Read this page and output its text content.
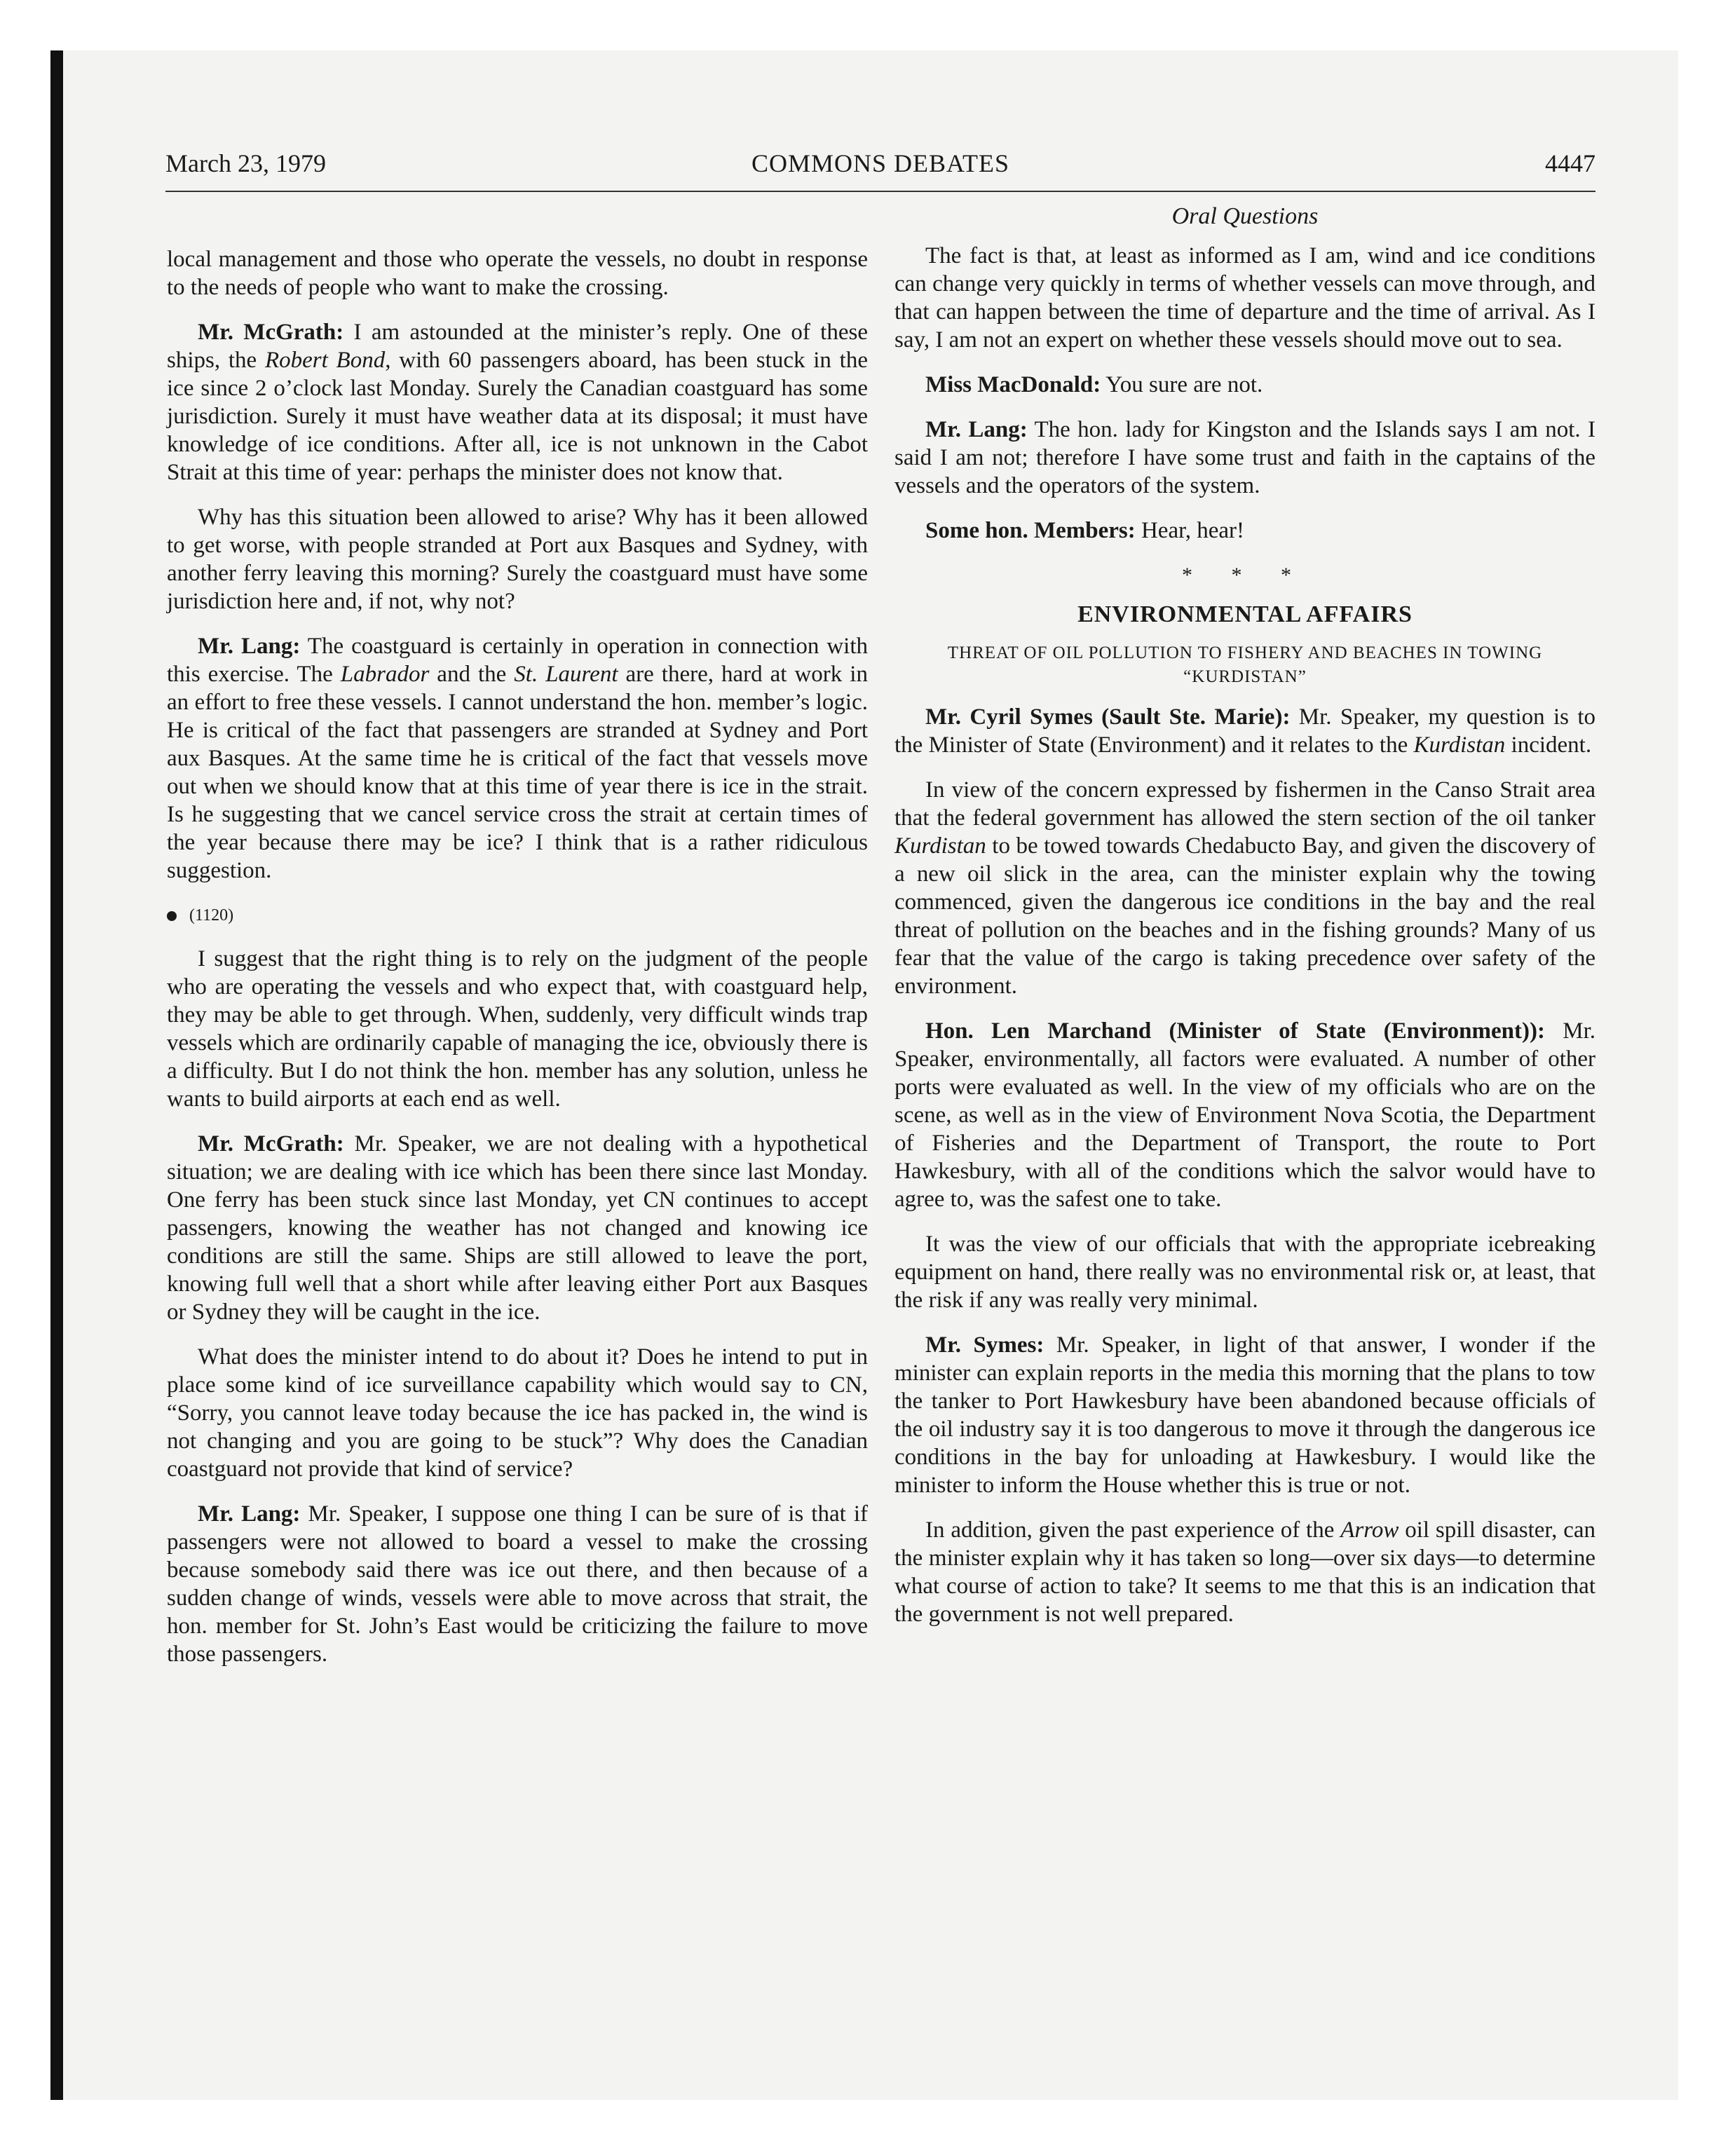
March 23, 1979	COMMONS DEBATES	4447
Oral Questions

local management and those who operate the vessels, no doubt in response to the needs of people who want to make the crossing.

Mr. McGrath: I am astounded at the minister’s reply. One of these ships, the Robert Bond, with 60 passengers aboard, has been stuck in the ice since 2 o’clock last Monday. Surely the Canadian coastguard has some jurisdiction. Surely it must have weather data at its disposal; it must have knowledge of ice conditions. After all, ice is not unknown in the Cabot Strait at this time of year: perhaps the minister does not know that.

Why has this situation been allowed to arise? Why has it been allowed to get worse, with people stranded at Port aux Basques and Sydney, with another ferry leaving this morning? Surely the coastguard must have some jurisdiction here and, if not, why not?

Mr. Lang: The coastguard is certainly in operation in connection with this exercise. The Labrador and the St. Laurent are there, hard at work in an effort to free these vessels. I cannot understand the hon. member’s logic. He is critical of the fact that passengers are stranded at Sydney and Port aux Basques. At the same time he is critical of the fact that vessels move out when we should know that at this time of year there is ice in the strait. Is he suggesting that we cancel service cross the strait at certain times of the year because there may be ice? I think that is a rather ridiculous suggestion.

(1120)

I suggest that the right thing is to rely on the judgment of the people who are operating the vessels and who expect that, with coastguard help, they may be able to get through. When, suddenly, very difficult winds trap vessels which are ordinarily capable of managing the ice, obviously there is a difficulty. But I do not think the hon. member has any solution, unless he wants to build airports at each end as well.

Mr. McGrath: Mr. Speaker, we are not dealing with a hypothetical situation; we are dealing with ice which has been there since last Monday. One ferry has been stuck since last Monday, yet CN continues to accept passengers, knowing the weather has not changed and knowing ice conditions are still the same. Ships are still allowed to leave the port, knowing full well that a short while after leaving either Port aux Basques or Sydney they will be caught in the ice.

What does the minister intend to do about it? Does he intend to put in place some kind of ice surveillance capability which would say to CN, “Sorry, you cannot leave today because the ice has packed in, the wind is not changing and you are going to be stuck”? Why does the Canadian coastguard not provide that kind of service?

Mr. Lang: Mr. Speaker, I suppose one thing I can be sure of is that if passengers were not allowed to board a vessel to make the crossing because somebody said there was ice out there, and then because of a sudden change of winds, vessels were able to move across that strait, the hon. member for St. John’s East would be criticizing the failure to move those passengers.

The fact is that, at least as informed as I am, wind and ice conditions can change very quickly in terms of whether vessels can move through, and that can happen between the time of departure and the time of arrival. As I say, I am not an expert on whether these vessels should move out to sea.

Miss MacDonald: You sure are not.

Mr. Lang: The hon. lady for Kingston and the Islands says I am not. I said I am not; therefore I have some trust and faith in the captains of the vessels and the operators of the system.

Some hon. Members: Hear, hear!

* * *
ENVIRONMENTAL AFFAIRS
THREAT OF OIL POLLUTION TO FISHERY AND BEACHES IN TOWING “KURDISTAN”

Mr. Cyril Symes (Sault Ste. Marie): Mr. Speaker, my question is to the Minister of State (Environment) and it relates to the Kurdistan incident.

In view of the concern expressed by fishermen in the Canso Strait area that the federal government has allowed the stern section of the oil tanker Kurdistan to be towed towards Chedabucto Bay, and given the discovery of a new oil slick in the area, can the minister explain why the towing commenced, given the dangerous ice conditions in the bay and the real threat of pollution on the beaches and in the fishing grounds? Many of us fear that the value of the cargo is taking precedence over safety of the environment.

Hon. Len Marchand (Minister of State (Environment)): Mr. Speaker, environmentally, all factors were evaluated. A number of other ports were evaluated as well. In the view of my officials who are on the scene, as well as in the view of Environment Nova Scotia, the Department of Fisheries and the Department of Transport, the route to Port Hawkesbury, with all of the conditions which the salvor would have to agree to, was the safest one to take.

It was the view of our officials that with the appropriate icebreaking equipment on hand, there really was no environmental risk or, at least, that the risk if any was really very minimal.

Mr. Symes: Mr. Speaker, in light of that answer, I wonder if the minister can explain reports in the media this morning that the plans to tow the tanker to Port Hawkesbury have been abandoned because officials of the oil industry say it is too dangerous to move it through the dangerous ice conditions in the bay for unloading at Hawkesbury. I would like the minister to inform the House whether this is true or not.

In addition, given the past experience of the Arrow oil spill disaster, can the minister explain why it has taken so long—over six days—to determine what course of action to take? It seems to me that this is an indication that the government is not well prepared.
